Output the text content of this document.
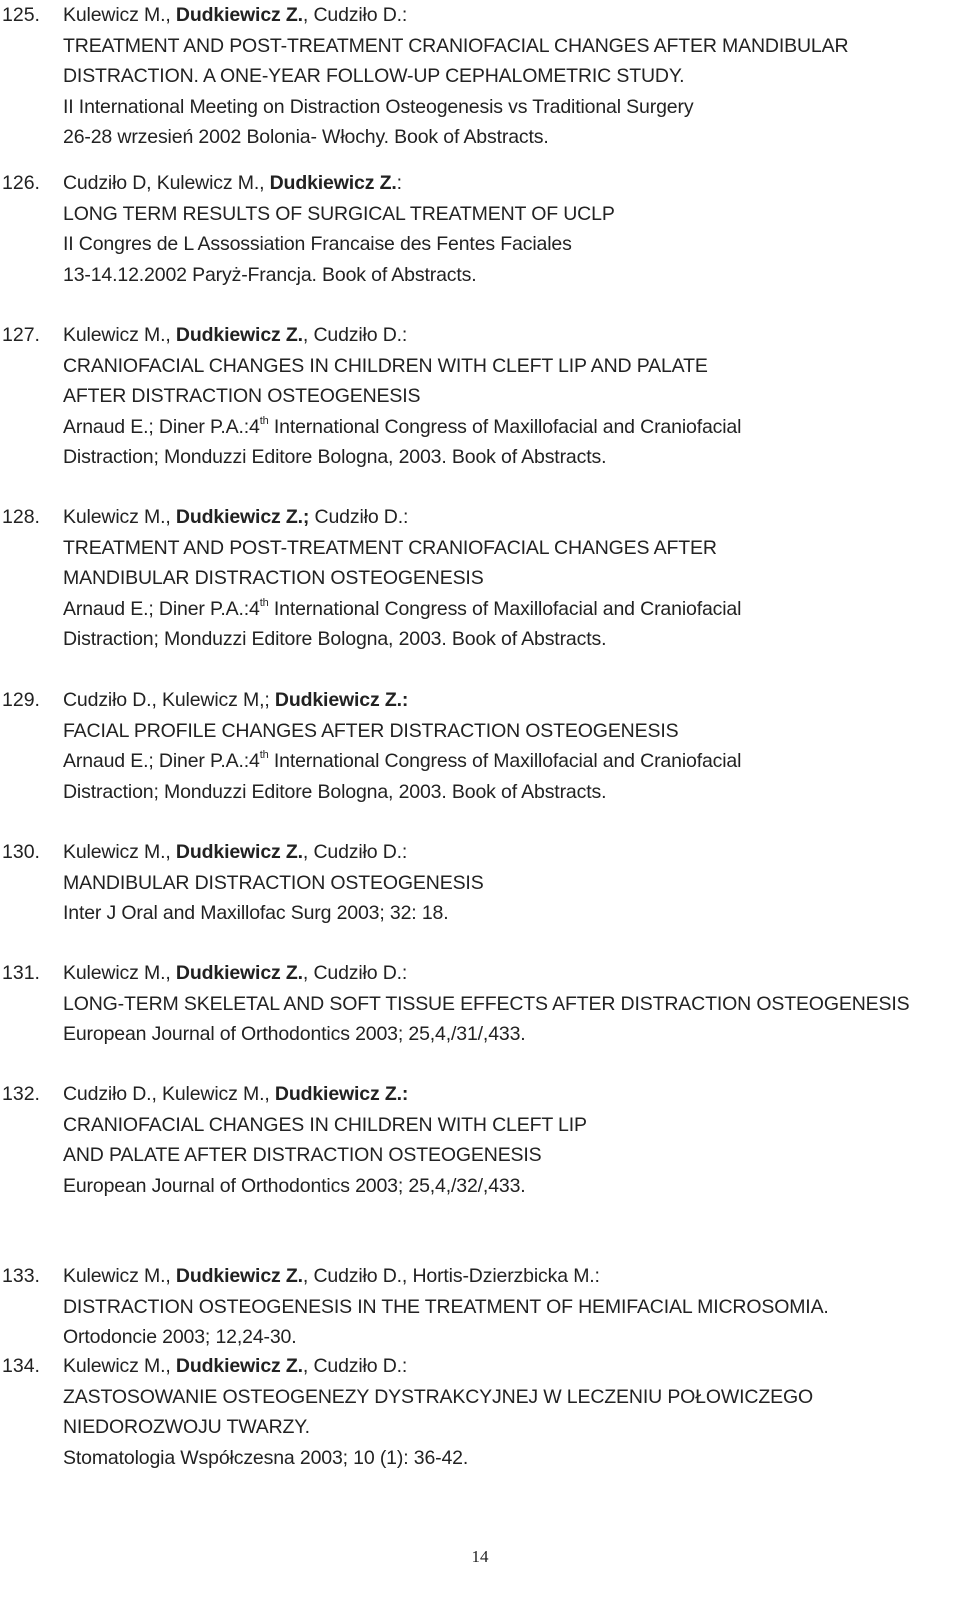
125. Kulewicz M., Dudkiewicz Z., Cudziło D.:
TREATMENT AND POST-TREATMENT CRANIOFACIAL CHANGES AFTER MANDIBULAR
DISTRACTION. A ONE-YEAR FOLLOW-UP CEPHALOMETRIC STUDY.
II International Meeting on Distraction Osteogenesis vs Traditional Surgery
26-28 wrzesień 2002 Bolonia- Włochy. Book of Abstracts.
126. Cudziło D, Kulewicz M., Dudkiewicz Z.:
LONG TERM RESULTS OF SURGICAL TREATMENT OF UCLP
II Congres de L Assossiation Francaise des Fentes Faciales
13-14.12.2002 Paryż-Francja. Book of Abstracts.
127. Kulewicz M., Dudkiewicz Z., Cudziło D.:
CRANIOFACIAL CHANGES IN CHILDREN WITH CLEFT LIP AND PALATE
AFTER DISTRACTION OSTEOGENESIS
Arnaud E.; Diner P.A.:4th International Congress of Maxillofacial and Craniofacial
Distraction; Monduzzi Editore Bologna, 2003. Book of Abstracts.
128. Kulewicz M., Dudkiewicz Z.; Cudziło D.:
TREATMENT AND POST-TREATMENT CRANIOFACIAL CHANGES AFTER
MANDIBULAR DISTRACTION OSTEOGENESIS
Arnaud E.; Diner P.A.:4th International Congress of Maxillofacial and Craniofacial
Distraction; Monduzzi Editore Bologna, 2003. Book of Abstracts.
129. Cudziło D., Kulewicz M,; Dudkiewicz Z.:
FACIAL PROFILE CHANGES AFTER DISTRACTION OSTEOGENESIS
Arnaud E.; Diner P.A.:4th International Congress of Maxillofacial and Craniofacial
Distraction; Monduzzi Editore Bologna, 2003. Book of Abstracts.
130. Kulewicz M., Dudkiewicz Z., Cudziło D.:
MANDIBULAR DISTRACTION OSTEOGENESIS
Inter J Oral and Maxillofac Surg 2003; 32: 18.
131. Kulewicz M., Dudkiewicz Z., Cudziło D.:
LONG-TERM SKELETAL AND SOFT TISSUE EFFECTS AFTER DISTRACTION OSTEOGENESIS
European Journal of Orthodontics 2003; 25,4,/31/,433.
132. Cudziło D., Kulewicz M., Dudkiewicz Z.:
CRANIOFACIAL CHANGES IN CHILDREN WITH CLEFT LIP
AND PALATE AFTER DISTRACTION OSTEOGENESIS
European Journal of Orthodontics 2003; 25,4,/32/,433.
133. Kulewicz M., Dudkiewicz Z., Cudziło D., Hortis-Dzierzbicka M.:
DISTRACTION OSTEOGENESIS IN THE TREATMENT OF HEMIFACIAL MICROSOMIA.
Ortodoncie 2003; 12,24-30.
134. Kulewicz M., Dudkiewicz Z., Cudziło D.:
ZASTOSOWANIE OSTEOGENEZY DYSTRAKCYJNEJ W LECZENIU POŁOWICZEGO
NIEDOROZWOJU TWARZY.
Stomatologia Współczesna 2003; 10 (1): 36-42.
14
